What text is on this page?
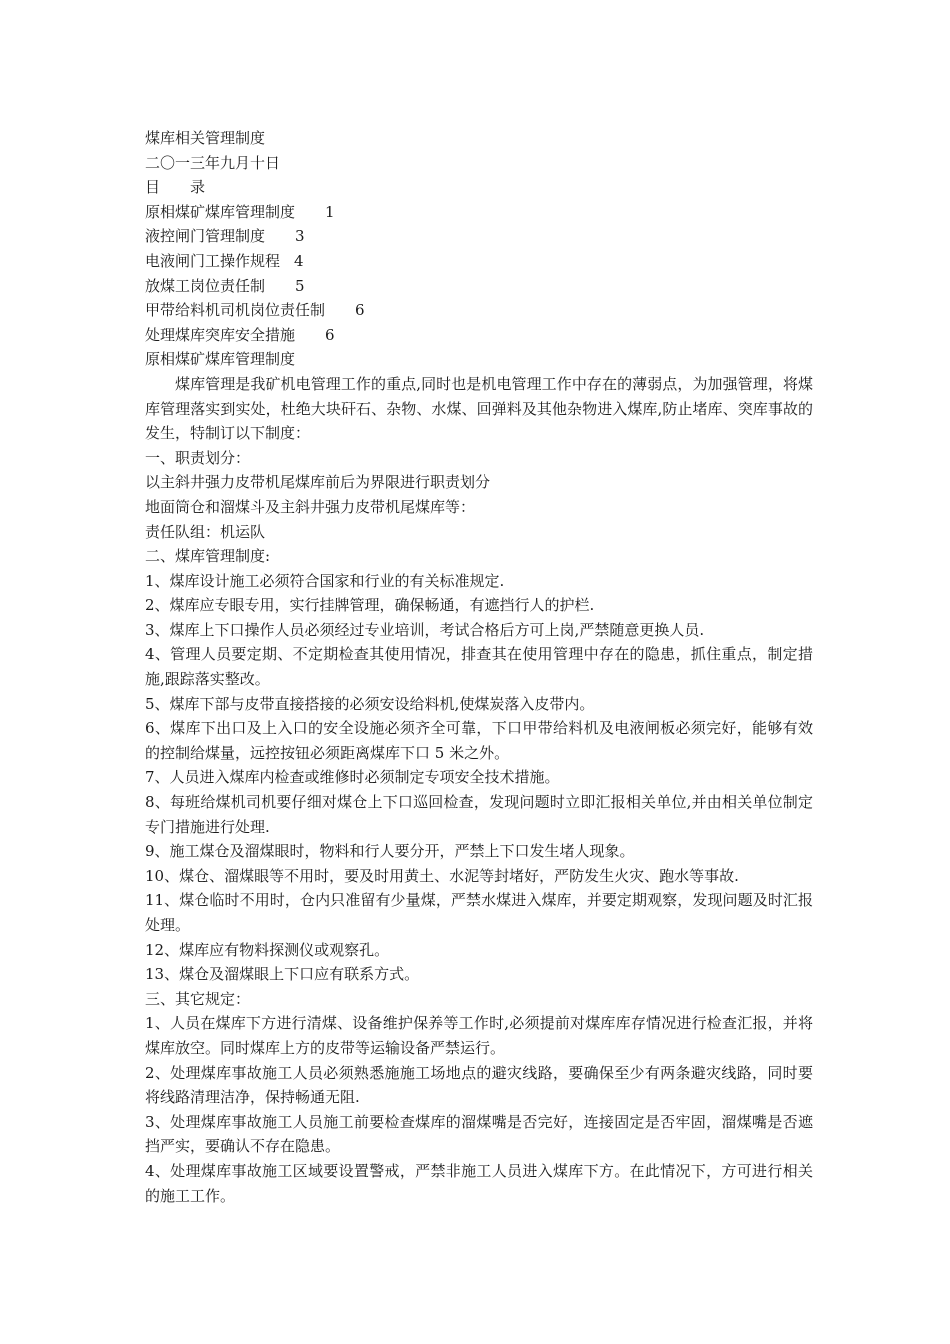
煤库相关管理制度
二〇一三年九月十日
目 录
原相煤矿煤库管理制度 1
液控闸门管理制度 3
电液闸门工操作规程 4
放煤工岗位责任制 5
甲带给料机司机岗位责任制 6
处理煤库突库安全措施 6
原相煤矿煤库管理制度
煤库管理是我矿机电管理工作的重点,同时也是机电管理工作中存在的薄弱点，为加强管理，将煤库管理落实到实处，杜绝大块矸石、杂物、水煤、回弹料及其他杂物进入煤库,防止堵库、突库事故的发生，特制订以下制度：
一、职责划分：
以主斜井强力皮带机尾煤库前后为界限进行职责划分
地面筒仓和溜煤斗及主斜井强力皮带机尾煤库等：
责任队组：机运队
二、煤库管理制度:
1、煤库设计施工必须符合国家和行业的有关标准规定.
2、煤库应专眼专用，实行挂牌管理，确保畅通，有遮挡行人的护栏.
3、煤库上下口操作人员必须经过专业培训，考试合格后方可上岗,严禁随意更换人员.
4、管理人员要定期、不定期检查其使用情况，排查其在使用管理中存在的隐患，抓住重点，制定措施,跟踪落实整改。
5、煤库下部与皮带直接搭接的必须安设给料机,使煤炭落入皮带内。
6、煤库下出口及上入口的安全设施必须齐全可靠，下口甲带给料机及电液闸板必须完好，能够有效的控制给煤量，远控按钮必须距离煤库下口 5 米之外。
7、人员进入煤库内检查或维修时必须制定专项安全技术措施。
8、每班给煤机司机要仔细对煤仓上下口巡回检查，发现问题时立即汇报相关单位,并由相关单位制定专门措施进行处理.
9、施工煤仓及溜煤眼时，物料和行人要分开，严禁上下口发生堵人现象。
10、煤仓、溜煤眼等不用时，要及时用黄土、水泥等封堵好，严防发生火灾、跑水等事故.
11、煤仓临时不用时，仓内只准留有少量煤，严禁水煤进入煤库，并要定期观察，发现问题及时汇报处理。
12、煤库应有物料探测仪或观察孔。
13、煤仓及溜煤眼上下口应有联系方式。
三、其它规定：
1、人员在煤库下方进行清煤、设备维护保养等工作时,必须提前对煤库库存情况进行检查汇报，并将煤库放空。同时煤库上方的皮带等运输设备严禁运行。
2、处理煤库事故施工人员必须熟悉施施工场地点的避灾线路，要确保至少有两条避灾线路，同时要将线路清理洁净，保持畅通无阻.
3、处理煤库事故施工人员施工前要检查煤库的溜煤嘴是否完好，连接固定是否牢固，溜煤嘴是否遮挡严实，要确认不存在隐患。
4、处理煤库事故施工区域要设置警戒，严禁非施工人员进入煤库下方。在此情况下，方可进行相关的施工工作。
